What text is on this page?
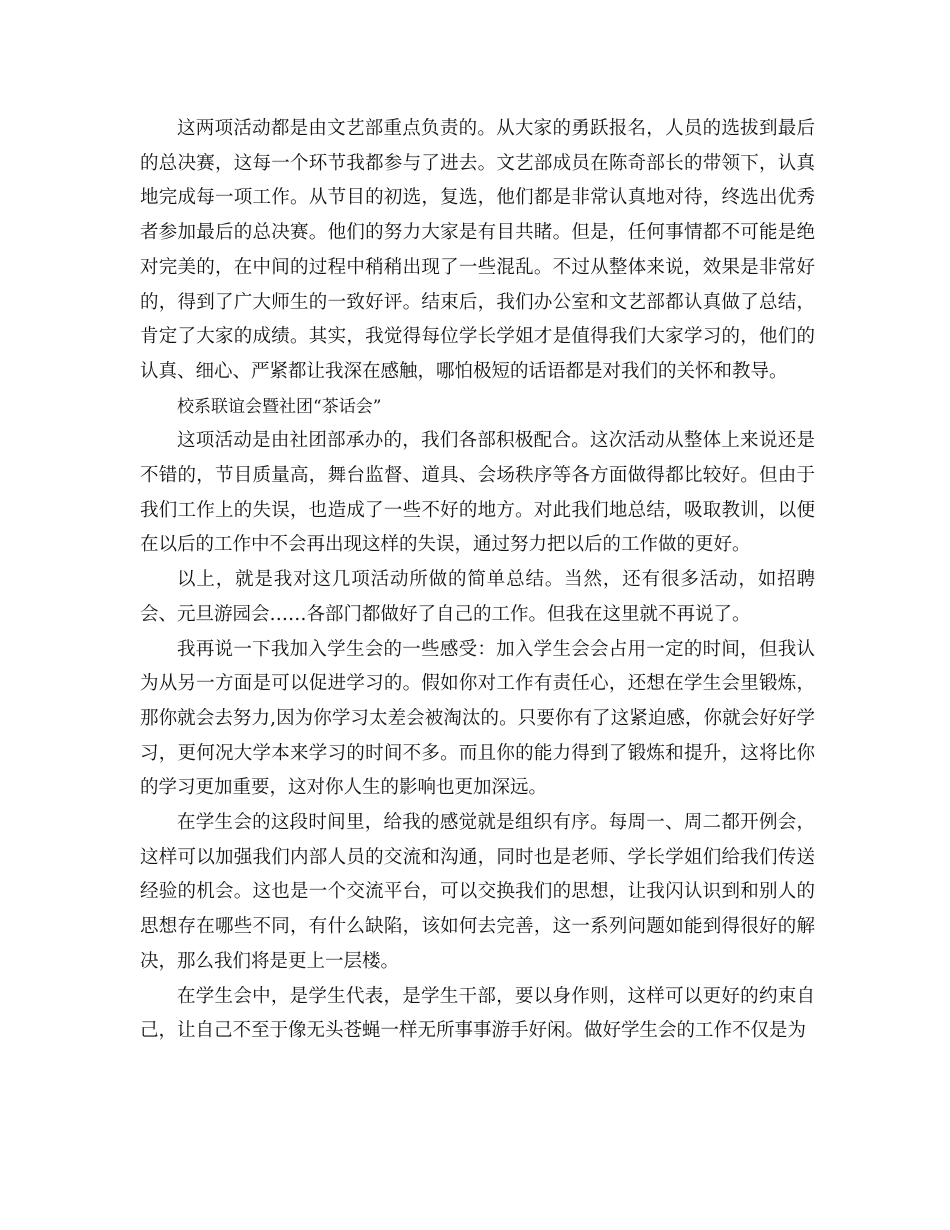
这两项活动都是由文艺部重点负责的。从大家的勇跃报名，人员的选拔到最后的总决赛，这每一个环节我都参与了进去。文艺部成员在陈奇部长的带领下，认真地完成每一项工作。从节目的初选，复选，他们都是非常认真地对待，终选出优秀者参加最后的总决赛。他们的努力大家是有目共睹。但是，任何事情都不可能是绝对完美的，在中间的过程中稍稍出现了一些混乱。不过从整体来说，效果是非常好的，得到了广大师生的一致好评。结束后，我们办公室和文艺部都认真做了总结，肯定了大家的成绩。其实，我觉得每位学长学姐才是值得我们大家学习的，他们的认真、细心、严紧都让我深在感触，哪怕极短的话语都是对我们的关怀和教导。

校系联谊会暨社团“茶话会”

这项活动是由社团部承办的，我们各部积极配合。这次活动从整体上来说还是不错的，节目质量高，舞台监督、道具、会场秩序等各方面做得都比较好。但由于我们工作上的失误，也造成了一些不好的地方。对此我们地总结，吸取教训，以便在以后的工作中不会再出现这样的失误，通过努力把以后的工作做的更好。

以上，就是我对这几项活动所做的简单总结。当然，还有很多活动，如招聘会、元旦游园会……各部门都做好了自己的工作。但我在这里就不再说了。

我再说一下我加入学生会的一些感受：加入学生会会占用一定的时间，但我认为从另一方面是可以促进学习的。假如你对工作有责任心，还想在学生会里锻炼，那你就会去努力,因为你学习太差会被淘汰的。只要你有了这紧迫感，你就会好好学习，更何况大学本来学习的时间不多。而且你的能力得到了锻炼和提升，这将比你的学习更加重要，这对你人生的影响也更加深远。

在学生会的这段时间里，给我的感觉就是组织有序。每周一、周二都开例会，这样可以加强我们内部人员的交流和沟通，同时也是老师、学长学姐们给我们传送经验的机会。这也是一个交流平台，可以交换我们的思想，让我闪认识到和别人的思想存在哪些不同，有什么缺陷，该如何去完善，这一系列问题如能到得很好的解决，那么我们将是更上一层楼。

在学生会中，是学生代表，是学生干部，要以身作则，这样可以更好的约束自己，让自己不至于像无头苍蝇一样无所事事游手好闲。做好学生会的工作不仅是为
